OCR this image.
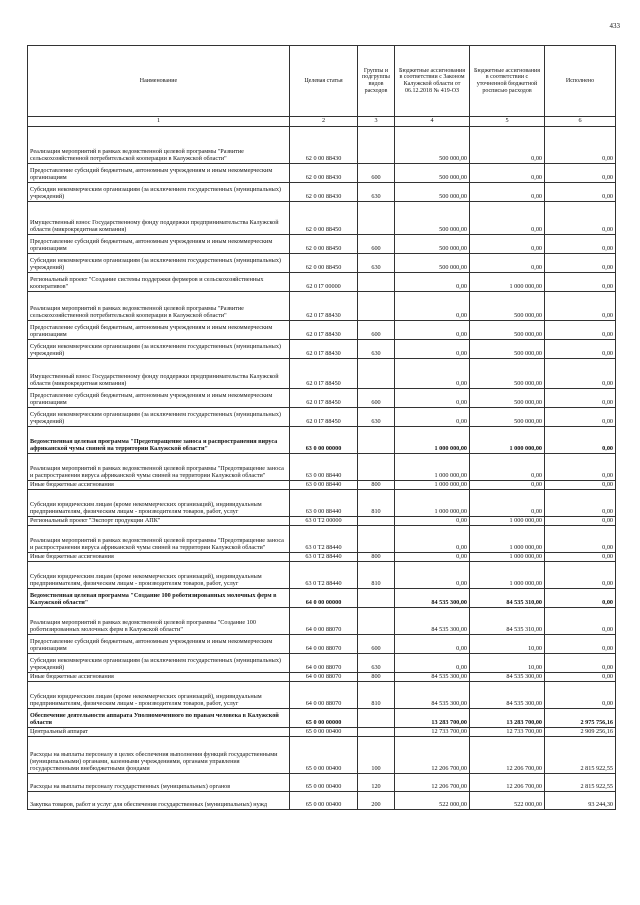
433
Наименование	Целевая статья	Группы и подгруппы видов расходов	Бюджетные ассигнования в соответствии с Законом Калужской области от 06.12.2018 № 419-ОЗ	Бюджетные ассигнования в соответствии с уточненной бюджетной росписью расходов	Исполнено
1	2	3	4	5	6
Реализация мероприятий в рамках ведомственной целевой программы "Развитие сельскохозяйственной потребительской кооперации в Калужской области"	62 0 00 88430		500 000,00	0,00	0,00
Предоставление субсидий бюджетным, автономным учреждениям и иным некоммерческим организациям	62 0 00 88430	600	500 000,00	0,00	0,00
Субсидии некоммерческим организациям (за исключением государственных (муниципальных) учреждений)	62 0 00 88430	630	500 000,00	0,00	0,00
Имущественный взнос Государственному фонду поддержки предпринимательства Калужской области (микрокредитная компания)	62 0 00 88450		500 000,00	0,00	0,00
Предоставление субсидий бюджетным, автономным учреждениям и иным некоммерческим организациям	62 0 00 88450	600	500 000,00	0,00	0,00
Субсидии некоммерческим организациям (за исключением государственных (муниципальных) учреждений)	62 0 00 88450	630	500 000,00	0,00	0,00
Региональный проект "Создание системы поддержки фермеров и сельскохозяйственных кооперативов"	62 0 I7 00000		0,00	1 000 000,00	0,00
Реализация мероприятий в рамках ведомственной целевой программы "Развитие сельскохозяйственной потребительской кооперации в Калужской области"	62 0 I7 88430		0,00	500 000,00	0,00
Предоставление субсидий бюджетным, автономным учреждениям и иным некоммерческим организациям	62 0 I7 88430	600	0,00	500 000,00	0,00
Субсидии некоммерческим организациям (за исключением государственных (муниципальных) учреждений)	62 0 I7 88430	630	0,00	500 000,00	0,00
Имущественный взнос Государственному фонду поддержки предпринимательства Калужской области (микрокредитная компания)	62 0 I7 88450		0,00	500 000,00	0,00
Предоставление субсидий бюджетным, автономным учреждениям и иным некоммерческим организациям	62 0 I7 88450	600	0,00	500 000,00	0,00
Субсидии некоммерческим организациям (за исключением государственных (муниципальных) учреждений)	62 0 I7 88450	630	0,00	500 000,00	0,00
Ведомственная целевая программа "Предотвращение заноса и распространения вируса африканской чумы свиней на территории Калужской области"	63 0 00 00000		1 000 000,00	1 000 000,00	0,00
Реализация мероприятий в рамках ведомственной целевой программы "Предотвращение заноса и распространения вируса африканской чумы свиней на территории Калужской области"	63 0 00 88440		1 000 000,00	0,00	0,00
Иные бюджетные ассигнования	63 0 00 88440	800	1 000 000,00	0,00	0,00
Субсидии юридическим лицам (кроме некоммерческих организаций), индивидуальным предпринимателям, физическим лицам - производителям товаров, работ, услуг	63 0 00 88440	810	1 000 000,00	0,00	0,00
Региональный проект "Экспорт продукции АПК"	63 0 T2 00000		0,00	1 000 000,00	0,00
Реализация мероприятий в рамках ведомственной целевой программы "Предотвращение заноса и распространения вируса африканской чумы свиней на территории Калужской области"	63 0 T2 88440		0,00	1 000 000,00	0,00
Иные бюджетные ассигнования	63 0 T2 88440	800	0,00	1 000 000,00	0,00
Субсидии юридическим лицам (кроме некоммерческих организаций), индивидуальным предпринимателям, физическим лицам - производителям товаров, работ, услуг	63 0 T2 88440	810	0,00	1 000 000,00	0,00
Ведомственная целевая программа "Создание 100 роботизированных молочных ферм в Калужской области"	64 0 00 00000		84 535 300,00	84 535 310,00	0,00
Реализация мероприятий в рамках ведомственной целевой программы "Создание 100 роботизированных молочных ферм в Калужской области"	64 0 00 88070		84 535 300,00	84 535 310,00	0,00
Предоставление субсидий бюджетным, автономным учреждениям и иным некоммерческим организациям	64 0 00 88070	600	0,00	10,00	0,00
Субсидии некоммерческим организациям (за исключением государственных (муниципальных) учреждений)	64 0 00 88070	630	0,00	10,00	0,00
Иные бюджетные ассигнования	64 0 00 88070	800	84 535 300,00	84 535 300,00	0,00
Субсидии юридическим лицам (кроме некоммерческих организаций), индивидуальным предпринимателям, физическим лицам - производителям товаров, работ, услуг	64 0 00 88070	810	84 535 300,00	84 535 300,00	0,00
Обеспечение деятельности аппарата Уполномоченного по правам человека в Калужской области	65 0 00 00000		13 283 700,00	13 283 700,00	2 975 756,16
Центральный аппарат	65 0 00 00400		12 733 700,00	12 733 700,00	2 909 256,16
Расходы на выплаты персоналу в целях обеспечения выполнения функций государственными (муниципальными) органами, казенными учреждениями, органами управления государственными внебюджетными фондами	65 0 00 00400	100	12 206 700,00	12 206 700,00	2 815 922,55
Расходы на выплаты персоналу государственных (муниципальных) органов	65 0 00 00400	120	12 206 700,00	12 206 700,00	2 815 922,55
Закупка товаров, работ и услуг для обеспечения государственных (муниципальных) нужд	65 0 00 00400	200	522 000,00	522 000,00	93 244,30
